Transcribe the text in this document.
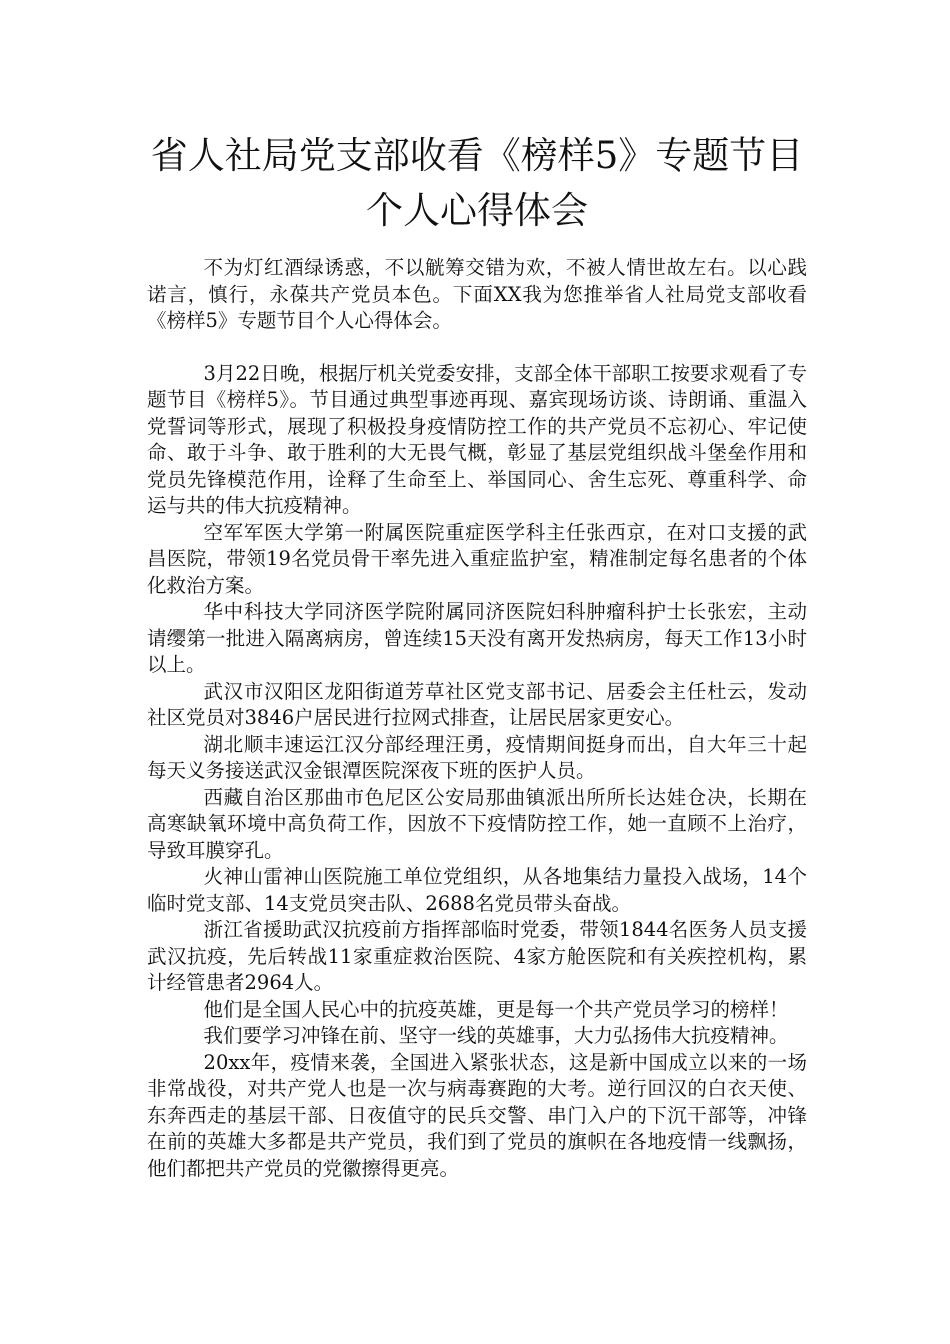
省人社局党支部收看《榜样5》专题节目个人心得体会

不为灯红酒绿诱惑，不以觥筹交错为欢，不被人情世故左右。以心践诺言，慎行，永葆共产党员本色。下面XX我为您推举省人社局党支部收看《榜样5》专题节目个人心得体会。

3月22日晚，根据厅机关党委安排，支部全体干部职工按要求观看了专题节目《榜样5》。节目通过典型事迹再现、嘉宾现场访谈、诗朗诵、重温入党誓词等形式，展现了积极投身疫情防控工作的共产党员不忘初心、牢记使命、敢于斗争、敢于胜利的大无畏气概，彰显了基层党组织战斗堡垒作用和党员先锋模范作用，诠释了生命至上、举国同心、舍生忘死、尊重科学、命运与共的伟大抗疫精神。

空军军医大学第一附属医院重症医学科主任张西京，在对口支援的武昌医院，带领19名党员骨干率先进入重症监护室，精准制定每名患者的个体化救治方案。

华中科技大学同济医学院附属同济医院妇科肿瘤科护士长张宏，主动请缨第一批进入隔离病房，曾连续15天没有离开发热病房，每天工作13小时以上。

武汉市汉阳区龙阳街道芳草社区党支部书记、居委会主任杜云，发动社区党员对3846户居民进行拉网式排查，让居民居家更安心。

湖北顺丰速运江汉分部经理汪勇，疫情期间挺身而出，自大年三十起每天义务接送武汉金银潭医院深夜下班的医护人员。

西藏自治区那曲市色尼区公安局那曲镇派出所所长达娃仓决，长期在高寒缺氧环境中高负荷工作，因放不下疫情防控工作，她一直顾不上治疗，导致耳膜穿孔。

火神山雷神山医院施工单位党组织，从各地集结力量投入战场，14个临时党支部、14支党员突击队、2688名党员带头奋战。

浙江省援助武汉抗疫前方指挥部临时党委，带领1844名医务人员支援武汉抗疫，先后转战11家重症救治医院、4家方舱医院和有关疾控机构，累计经管患者2964人。

他们是全国人民心中的抗疫英雄，更是每一个共产党员学习的榜样！

我们要学习冲锋在前、坚守一线的英雄事，大力弘扬伟大抗疫精神。

20xx年，疫情来袭，全国进入紧张状态，这是新中国成立以来的一场非常战役，对共产党人也是一次与病毒赛跑的大考。逆行回汉的白衣天使、东奔西走的基层干部、日夜值守的民兵交警、串门入户的下沉干部等，冲锋在前的英雄大多都是共产党员，我们到了党员的旗帜在各地疫情一线飘扬，他们都把共产党员的党徽擦得更亮。
